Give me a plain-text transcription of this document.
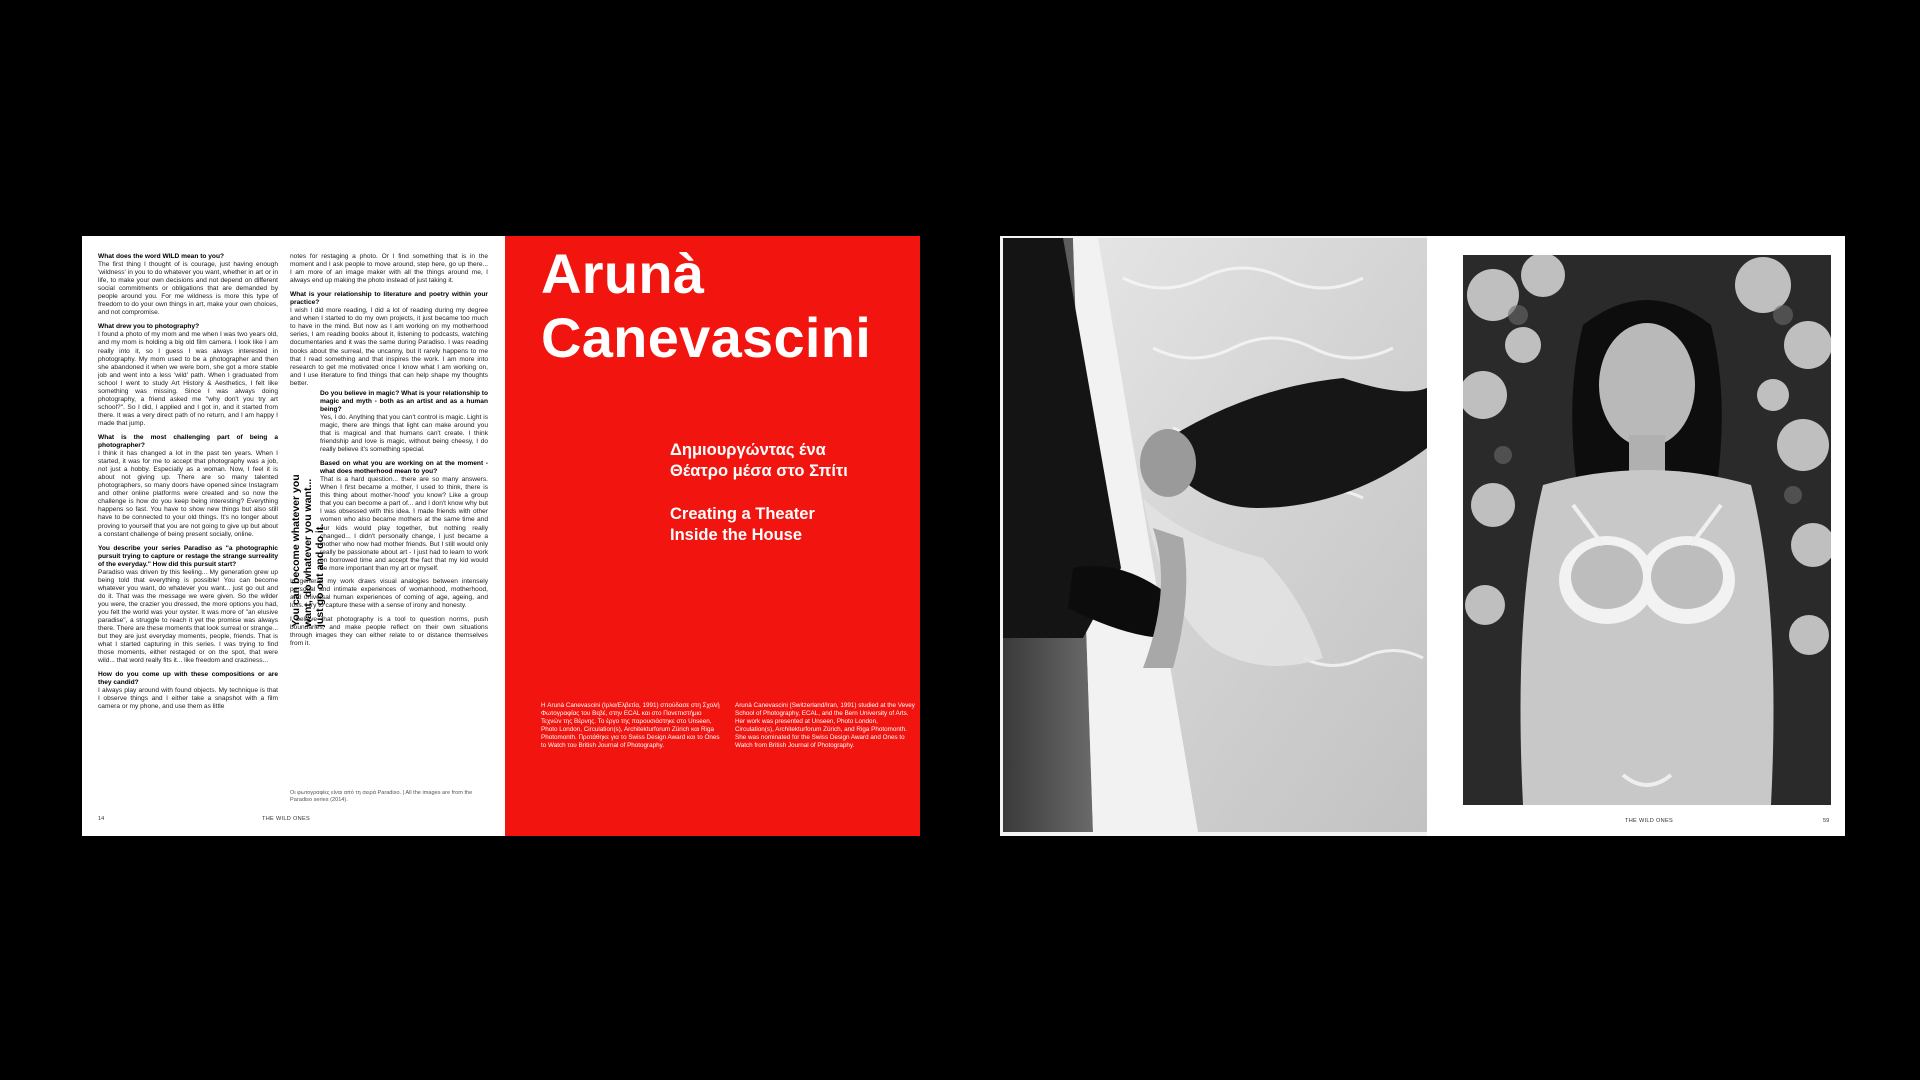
What does the word WILD mean to you?
The first thing I thought of is courage, just having enough 'wildness' in you to do whatever you want, whether in art or in life, to make your own decisions and not depend on different social commitments or obligations that are demanded by people around you. For me wildness is more this type of freedom to do your own things in art, make your own choices, and not compromise.
What drew you to photography?
I found a photo of my mom and me when I was two years old, and my mom is holding a big old film camera. I look like I am really into it, so I guess I was always interested in photography. My mom used to be a photographer and then she abandoned it when we were born, she got a more stable job and went into a less 'wild' path. When I graduated from school I went to study Art History & Aesthetics, I felt like something was missing. Since I was always doing photography, a friend asked me "why don't you try art school?". So I did, I applied and I got in, and it started from there. It was a very direct path of no return, and I am happy I made that jump.
What is the most challenging part of being a photographer?
I think it has changed a lot in the past ten years. When I started, it was for me to accept that photography was a job, not just a hobby. Especially as a woman. Now, I feel it is about not giving up. There are so many talented photographers, so many doors have opened since Instagram and other online platforms were created and so now the challenge is how do you keep being interesting? Everything happens so fast. You have to show new things but also still have to be connected to your old things. It's no longer about proving to yourself that you are not going to give up but about a constant challenge of being present socially, online.
You describe your series Paradiso as "a photographic pursuit trying to capture or restage the strange surreality of the everyday." How did this pursuit start?
Paradiso was driven by this feeling... My generation grew up being told that everything is possible! You can become whatever you want, do whatever you want... just go out and do it. That was the message we were given. So the wilder you were, the crazier you dressed, the more options you had, you felt the world was your oyster. It was more of "an elusive paradise", a struggle to reach it yet the promise was always there. There are these moments that look surreal or strange... but they are just everyday moments, people, friends. That is what I started capturing in this series. I was trying to find those moments, either restaged or on the spot, that were wild... that word really fits it... like freedom and craziness...
How do you come up with these compositions or are they candid?
I always play around with found objects. My technique is that I observe things and I either take a snapshot with a film camera or my phone, and use them as little
notes for restaging a photo. Or I find something that is in the moment and I ask people to move around, step here, go up there... I am more of an image maker with all the things around me, I always end up making the photo instead of just taking it.
What is your relationship to literature and poetry within your practice?
I wish I did more reading, I did a lot of reading during my degree and when I started to do my own projects, it just became too much to have in the mind. But now as I am working on my motherhood series, I am reading books about it, listening to podcasts, watching documentaries and it was the same during Paradiso. I was reading books about the surreal, the uncanny, but it rarely happens to me that I read something and that inspires the work. I am more into research to get me motivated once I know what I am working on, and I use literature to find things that can help shape my thoughts better.
Do you believe in magic? What is your relationship to magic and myth - both as an artist and as a human being?
Yes, I do. Anything that you can't control is magic. Light is magic, there are things that light can make around you that is magical and that humans can't create. I think friendship and love is magic, without being cheesy, I do really believe it's something special.
Based on what you are working on at the moment - what does motherhood mean to you?
That is a hard question... there are so many answers. When I first became a mother, I used to think, there is this thing about mother-'hood' you know? Like a group that you can become a part of... and I don't know why but I was obsessed with this idea. I made friends with other women who also became mothers at the same time and our kids would play together, but nothing really changed... I didn't personally change, I just became a mother who now had mother friends. But I still would only really be passionate about art - I just had to learn to work on borrowed time and accept the fact that my kid would be more important than my art or myself.
In general, my work draws visual analogies between intensely personal and intimate experiences of womanhood, motherhood, and universal human experiences of coming of age, ageing, and loss. I try to capture these with a sense of irony and honesty.
I believe that photography is a tool to question norms, push boundaries, and make people reflect on their own situations through images they can either relate to or distance themselves from it.
You can become whatever you want, do whatever you want... just go out and do it.
Οι φωτογραφίες είναι από τη σειρά Paradiso. | All the images are from the Paradiso series (2014).
14	THE WILD ONES
Arunà
Canevascini
Δημιουργώντας ένα
Θέατρο μέσα στο Σπίτι
Creating a Theater
Inside the House
Η Arunà Canevascini (Ιρλα/Ελβετία, 1991) σπούδασε στη Σχολή Φωτογραφίας του Βεβέ, στην ECAL και στο Πανεπιστήμιο Τεχνών της Βέρνης. Το έργο της παρουσιάστηκε στο Unseen, Photo London, Circulation(s), Architekturforum Zürich και Riga Photomonth. Προτάθηκε για το Swiss Design Award και το Ones to Watch του British Journal of Photography.
Arunà Canevascini (Switzerland/Iran, 1991) studied at the Vevey School of Photography, ECAL, and the Bern University of Arts. Her work was presented at Unseen, Photo London, Circulation(s), Architekturforum Zürich, and Riga Photomonth. She was nominated for the Swiss Design Award and Ones to Watch from British Journal of Photography.
THE WILD ONES	59
